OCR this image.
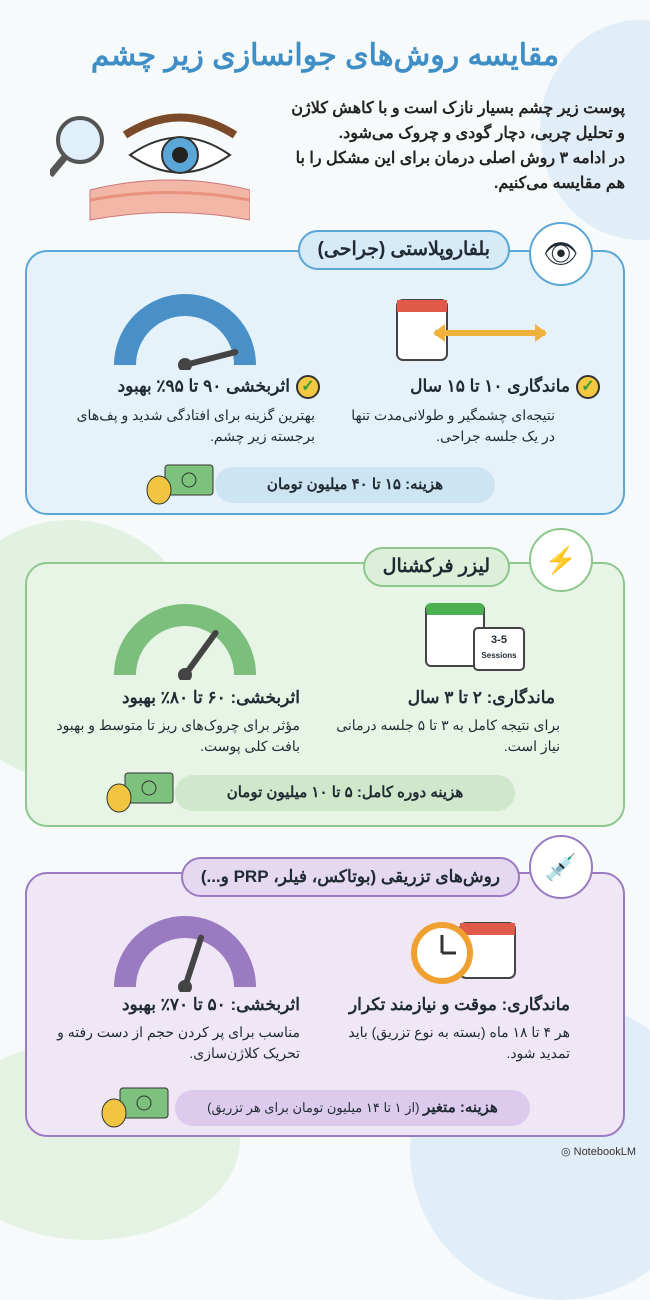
مقایسه روش‌های جوانسازی زیر چشم
پوست زیر چشم بسیار نازک است و با کاهش کلاژن
و تحلیل چربی، دچار گودی و چروک می‌شود.
در ادامه ۳ روش اصلی درمان برای این مشکل را با
هم مقایسه می‌کنیم.
بلفاروپلاستی (جراحی)	👁
✓اثربخشی ۹۰ تا ۹۵٪ بهبود
بهترین گزینه برای افتادگی شدید و پف‌های برجسته زیر چشم.
✓ماندگاری ۱۰ تا ۱۵ سال
نتیجه‌ای چشمگیر و طولانی‌مدت تنها در یک جلسه جراحی.
هزینه: ۱۵ تا ۴۰ میلیون تومان
لیزر فرکشنال	⚡
3-5
Sessions
اثربخشی: ۶۰ تا ۸۰٪ بهبود
مؤثر برای چروک‌های ریز تا متوسط و بهبود بافت کلی پوست.
ماندگاری: ۲ تا ۳ سال
برای نتیجه کامل به ۳ تا ۵ جلسه درمانی نیاز است.
هزینه دوره کامل: ۵ تا ۱۰ میلیون تومان
روش‌های تزریقی (بوتاکس، فیلر، PRP و...)	💉
اثربخشی: ۵۰ تا ۷۰٪ بهبود
مناسب برای پر کردن حجم از دست رفته و تحریک کلاژن‌سازی.
ماندگاری: موقت و نیازمند تکرار
هر ۴ تا ۱۸ ماه (بسته به نوع تزریق) باید تمدید شود.
هزینه: متغیر (از ۱ تا ۱۴ میلیون تومان برای هر تزریق)
◎ NotebookLM
